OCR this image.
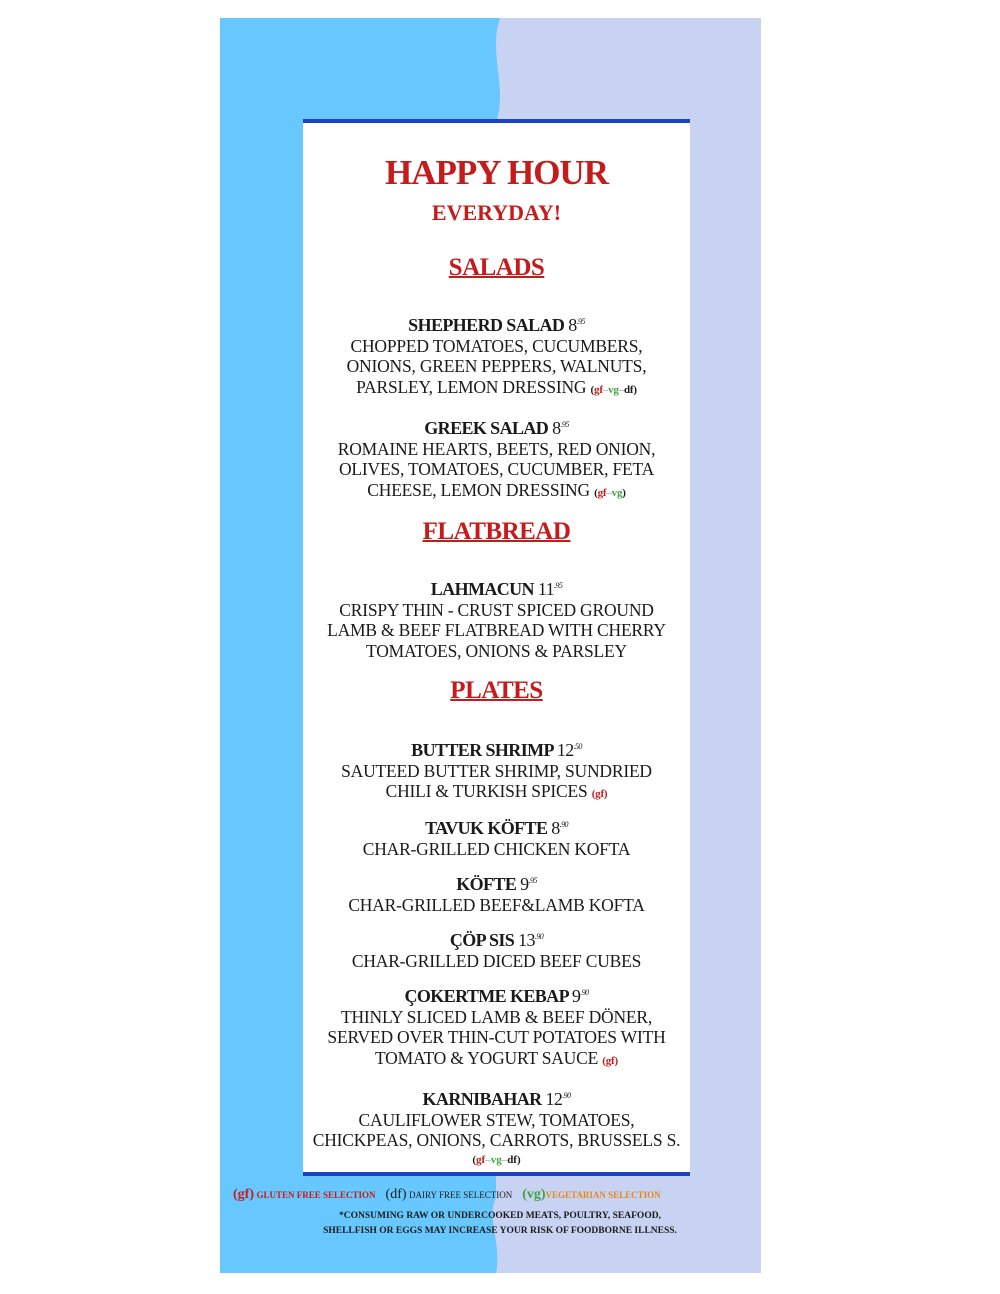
HAPPY HOUR
EVERYDAY!
SALADS
SHEPHERD SALAD $8^{.95}$
CHOPPED TOMATOES, CUCUMBERS,
ONIONS, GREEN PEPPERS, WALNUTS,
PARSLEY, LEMON DRESSING (gf–vg–df)
GREEK SALAD $8^{.95}$
ROMAINE HEARTS, BEETS, RED ONION,
OLIVES, TOMATOES, CUCUMBER, FETA
CHEESE, LEMON DRESSING (gf–vg)
FLATBREAD
LAHMACUN $11^{.95}$
CRISPY THIN - CRUST SPICED GROUND
LAMB & BEEF FLATBREAD WITH CHERRY
TOMATOES, ONIONS & PARSLEY
PLATES
BUTTER SHRIMP $12^{.50}$
SAUTEED BUTTER SHRIMP, SUNDRIED
CHILI & TURKISH SPICES (gf)
TAVUK KÖFTE $8^{.90}$
CHAR-GRILLED CHICKEN KOFTA
KÖFTE $9^{.95}$
CHAR-GRILLED BEEF&LAMB KOFTA
ÇÖP SIS $13^{.90}$
CHAR-GRILLED DICED BEEF CUBES
ÇOKERTME KEBAP $9^{.90}$
THINLY SLICED LAMB & BEEF DÖNER,
SERVED OVER THIN-CUT POTATOES WITH
TOMATO & YOGURT SAUCE (gf)
KARNIBAHAR $12^{.90}$
CAULIFLOWER STEW, TOMATOES,
CHICKPEAS, ONIONS, CARROTS, BRUSSELS S.
(gf–vg–df)
(gf) GLUTEN FREE SELECTION (df) DAIRY FREE SELECTION (vg)VEGETARIAN SELECTION
*CONSUMING RAW OR UNDERCOOKED MEATS, POULTRY, SEAFOOD,
SHELLFISH OR EGGS MAY INCREASE YOUR RISK OF FOODBORNE ILLNESS.
